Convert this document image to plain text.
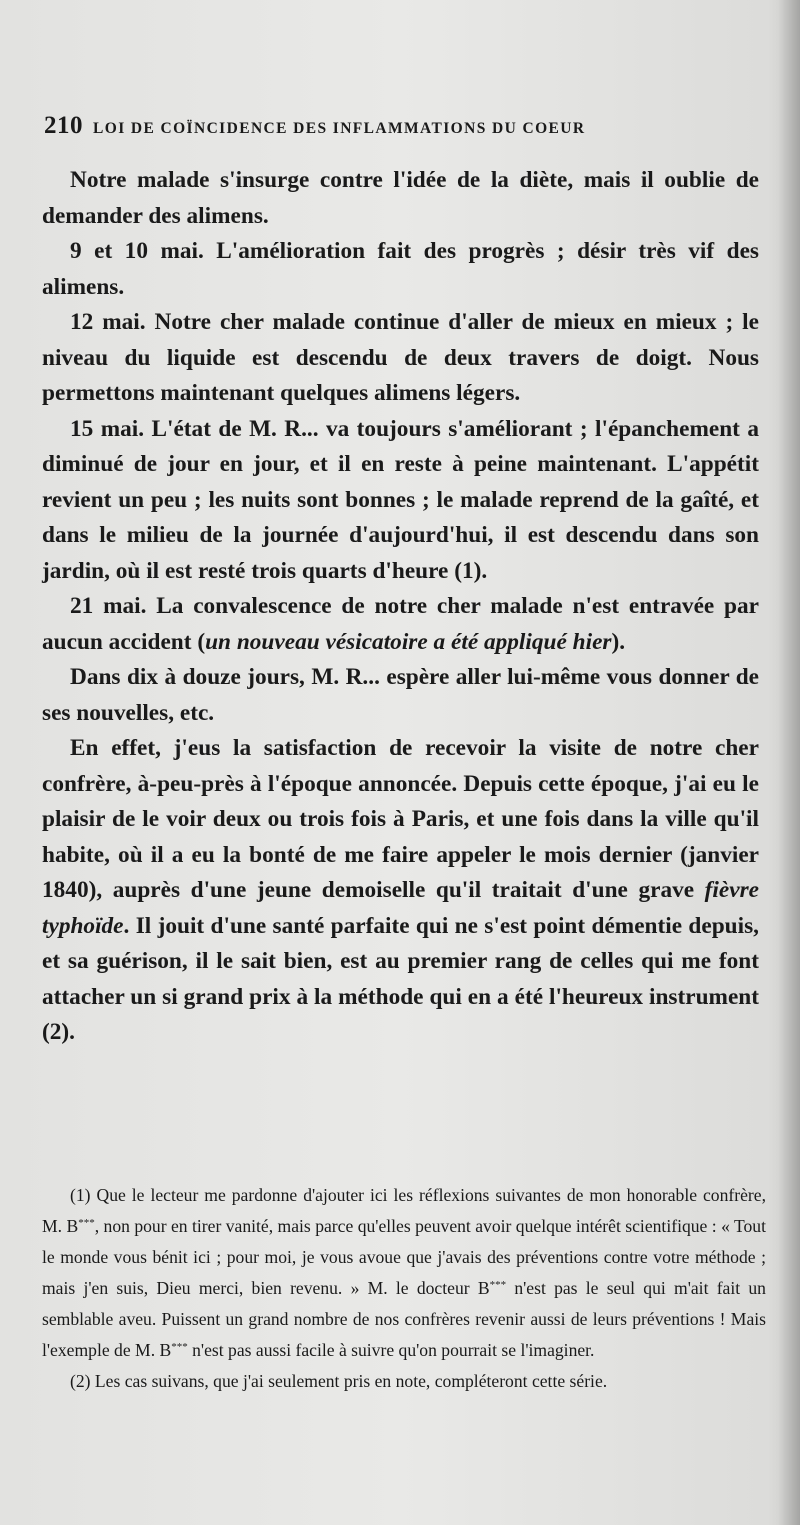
210 LOI DE COÏNCIDENCE DES INFLAMMATIONS DU COEUR

Notre malade s'insurge contre l'idée de la diète, mais il oublie de demander des alimens.

9 et 10 mai. L'amélioration fait des progrès ; désir très vif des alimens.

12 mai. Notre cher malade continue d'aller de mieux en mieux ; le niveau du liquide est descendu de deux travers de doigt. Nous permettons maintenant quelques alimens légers.

15 mai. L'état de M. R... va toujours s'améliorant ; l'épanchement a diminué de jour en jour, et il en reste à peine maintenant. L'appétit revient un peu ; les nuits sont bonnes ; le malade reprend de la gaîté, et dans le milieu de la journée d'aujourd'hui, il est descendu dans son jardin, où il est resté trois quarts d'heure (1).

21 mai. La convalescence de notre cher malade n'est entravée par aucun accident (un nouveau vésicatoire a été appliqué hier).

Dans dix à douze jours, M. R... espère aller lui-même vous donner de ses nouvelles, etc.

En effet, j'eus la satisfaction de recevoir la visite de notre cher confrère, à-peu-près à l'époque annoncée. Depuis cette époque, j'ai eu le plaisir de le voir deux ou trois fois à Paris, et une fois dans la ville qu'il habite, où il a eu la bonté de me faire appeler le mois dernier (janvier 1840), auprès d'une jeune demoiselle qu'il traitait d'une grave fièvre typhoïde. Il jouit d'une santé parfaite qui ne s'est point démentie depuis, et sa guérison, il le sait bien, est au premier rang de celles qui me font attacher un si grand prix à la méthode qui en a été l'heureux instrument (2).

(1) Que le lecteur me pardonne d'ajouter ici les réflexions suivantes de mon honorable confrère, M. B***, non pour en tirer vanité, mais parce qu'elles peuvent avoir quelque intérêt scientifique : « Tout le monde vous bénit ici ; pour moi, je vous avoue que j'avais des préventions contre votre méthode ; mais j'en suis, Dieu merci, bien revenu. » M. le docteur B*** n'est pas le seul qui m'ait fait un semblable aveu. Puissent un grand nombre de nos confrères revenir aussi de leurs préventions ! Mais l'exemple de M. B*** n'est pas aussi facile à suivre qu'on pourrait se l'imaginer.

(2) Les cas suivans, que j'ai seulement pris en note, compléteront cette série.
